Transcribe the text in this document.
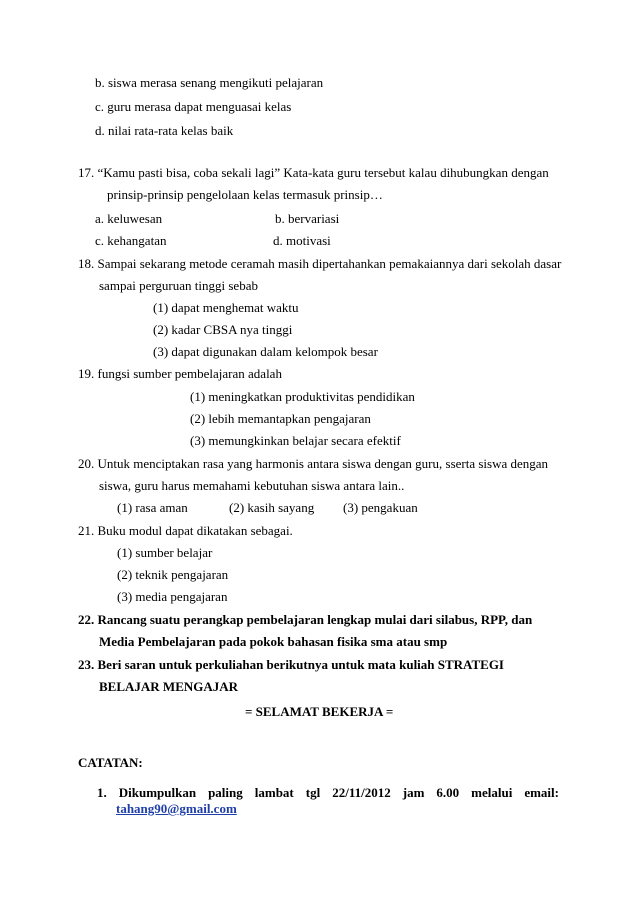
b. siswa merasa senang mengikuti pelajaran
c. guru merasa dapat menguasai kelas
d. nilai rata-rata kelas baik
17. “Kamu pasti bisa, coba sekali lagi” Kata-kata guru tersebut kalau dihubungkan dengan
prinsip-prinsip pengelolaan kelas termasuk prinsip…
a. keluwesan	b. bervariasi
c. kehangatan	d. motivasi
18. Sampai sekarang metode ceramah masih dipertahankan pemakaiannya dari sekolah dasar
sampai perguruan tinggi sebab
(1) dapat menghemat waktu
(2) kadar CBSA nya tinggi
(3) dapat digunakan dalam kelompok besar
19. fungsi sumber pembelajaran adalah
(1) meningkatkan produktivitas pendidikan
(2) lebih memantapkan pengajaran
(3) memungkinkan belajar secara efektif
20. Untuk menciptakan rasa yang harmonis antara siswa dengan guru, sserta siswa dengan
siswa, guru harus memahami kebutuhan siswa antara lain..
(1) rasa aman	(2) kasih sayang (3) pengakuan
21. Buku modul dapat dikatakan sebagai.
(1) sumber belajar
(2) teknik pengajaran
(3) media pengajaran
22. Rancang suatu perangkap pembelajaran lengkap mulai dari silabus, RPP, dan
Media Pembelajaran pada pokok bahasan fisika sma atau smp
23. Beri saran untuk perkuliahan berikutnya untuk mata kuliah STRATEGI
BELAJAR MENGAJAR
= SELAMAT BEKERJA =
CATATAN:
1. Dikumpulkan paling lambat tgl 22/11/2012 jam 6.00 melalui email:
tahang90@gmail.com
